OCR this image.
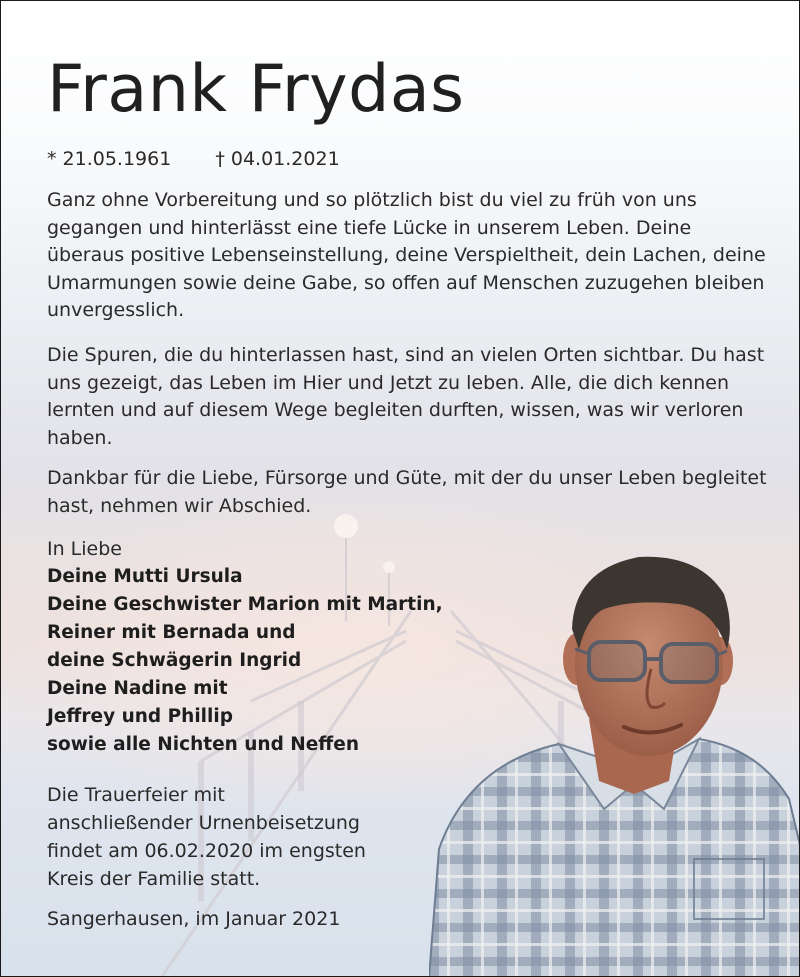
Frank Frydas
* 21.05.1961 † 04.01.2021

Ganz ohne Vorbereitung und so plötzlich bist du viel zu früh von uns gegangen und hinterlässt eine tiefe Lücke in unserem Leben. Deine überaus positive Lebenseinstellung, deine Verspieltheit, dein Lachen, deine Umarmungen sowie deine Gabe, so offen auf Menschen zuzugehen bleiben unvergesslich.

Die Spuren, die du hinterlassen hast, sind an vielen Orten sichtbar. Du hast uns gezeigt, das Leben im Hier und Jetzt zu leben. Alle, die dich kennen lernten und auf diesem Wege begleiten durften, wissen, was wir verloren haben.

Dankbar für die Liebe, Fürsorge und Güte, mit der du unser Leben begleitet hast, nehmen wir Abschied.

In Liebe
Deine Mutti Ursula
Deine Geschwister Marion mit Martin,
Reiner mit Bernada und
deine Schwägerin Ingrid
Deine Nadine mit
Jeffrey und Phillip
sowie alle Nichten und Neffen
Die Trauerfeier mit
anschließender Urnenbeisetzung
findet am 06.02.2020 im engsten
Kreis der Familie statt.
Sangerhausen, im Januar 2021
